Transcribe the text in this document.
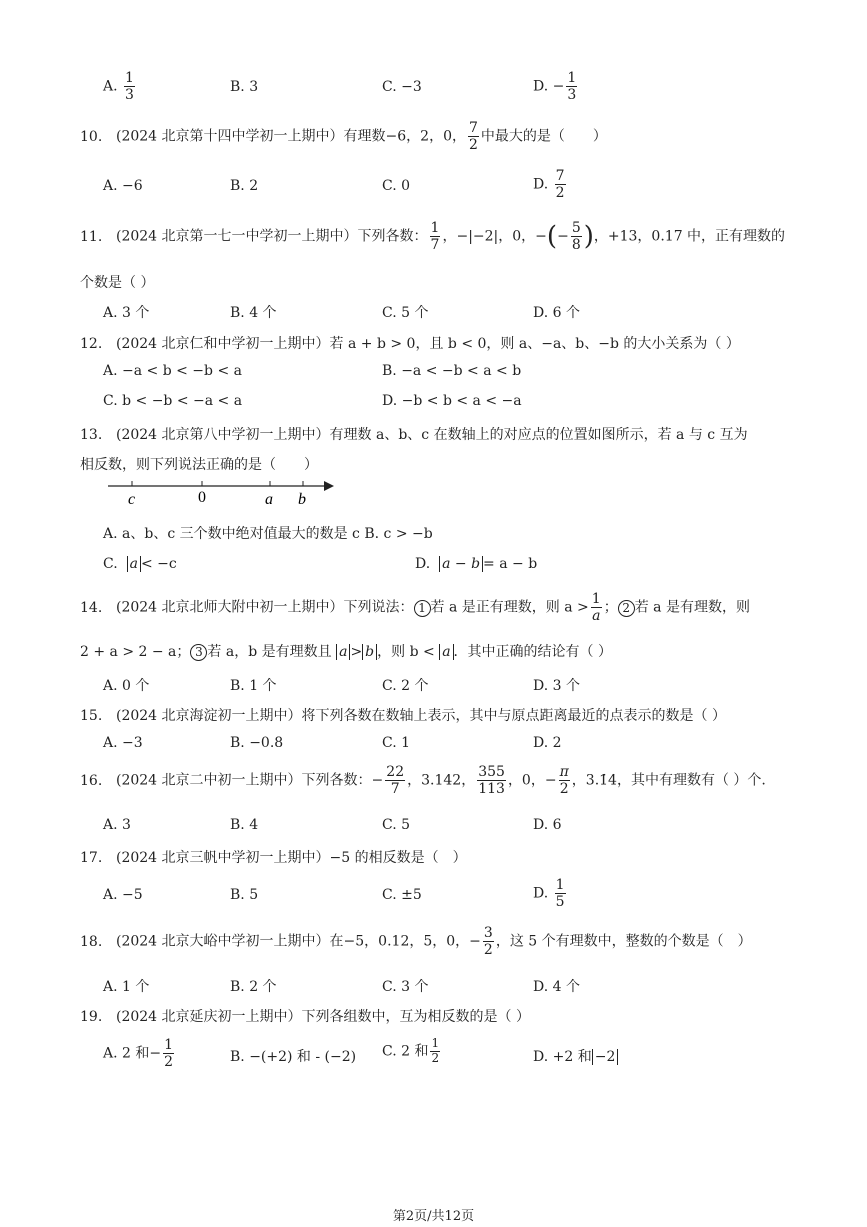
A. $\frac{1}{3}$	B. 3	C. −3	D. − $\frac{1}{3}$
10. (2024 北京第十四中学初一上期中）有理数−6，2，0， $\frac{7}{2}$ 中最大的是（　　）
A. −6	B. 2	C. 0	D. $\frac{7}{2}$
11. (2024 北京第一七一中学初一上期中）下列各数： $\frac{1}{7}$ ，−|−2|，0，−(− $\frac{5}{8}$ )，+13，0.17 中，正有理数的
个数是（ ）
A. 3 个	B. 4 个	C. 5 个	D. 6 个
12. (2024 北京仁和中学初一上期中）若 a + b > 0，且 b < 0，则 a、−a、b、−b 的大小关系为（ ）
A. −a < b < −b < a	B. −a < −b < a < b
C. b < −b < −a < a	D. −b < b < a < −a
13. (2024 北京第八中学初一上期中）有理数 a、b、c 在数轴上的对应点的位置如图所示，若 a 与 c 互为
相反数，则下列说法正确的是（　　）
c	0	a b
A. a、b、c 三个数中绝对值最大的数是 c B. c > −b
C. a < −c	D. a − b = a − b
14. (2024 北京北师大附中初一上期中）下列说法： 1 若 a 是正有理数，则 $a > \frac{1}{a}$ ； 2 若 a 是有理数，则
2 + a > 2 − a； 3 若 a，b 是有理数且 a > b ，则 b < a ．其中正确的结论有（ ）
A. 0 个	B. 1 个	C. 2 个	D. 3 个
15. (2024 北京海淀初一上期中）将下列各数在数轴上表示，其中与原点距离最近的点表示的数是（ ）
A. −3	B. −0.8	C. 1	D. 2
16. (2024 北京二中初一上期中）下列各数：− $\frac{22}{7}$ ，3.142， $\frac{355}{113}$ ，0，− $\frac{\pi}{2}$ ，3.1̇4̇，其中有理数有（ ）个.
A. 3	B. 4	C. 5	D. 6
17. (2024 北京三帆中学初一上期中）−5 的相反数是（　）
A. −5	B. 5	C. ±5	D. $\frac{1}{5}$
18. (2024 北京大峪中学初一上期中）在−5，0.12，5，0，− $\frac{3}{2}$ ，这 5 个有理数中，整数的个数是（　）
A. 1 个	B. 2 个	C. 3 个	D. 4 个
19. (2024 北京延庆初一上期中）下列各组数中，互为相反数的是（ ）
A. 2 和− $\frac{1}{2}$	B. −(+2) 和 - (−2) C. 2 和 $\frac{1}{2}$	D. +2 和 −2
第2页/共12页
